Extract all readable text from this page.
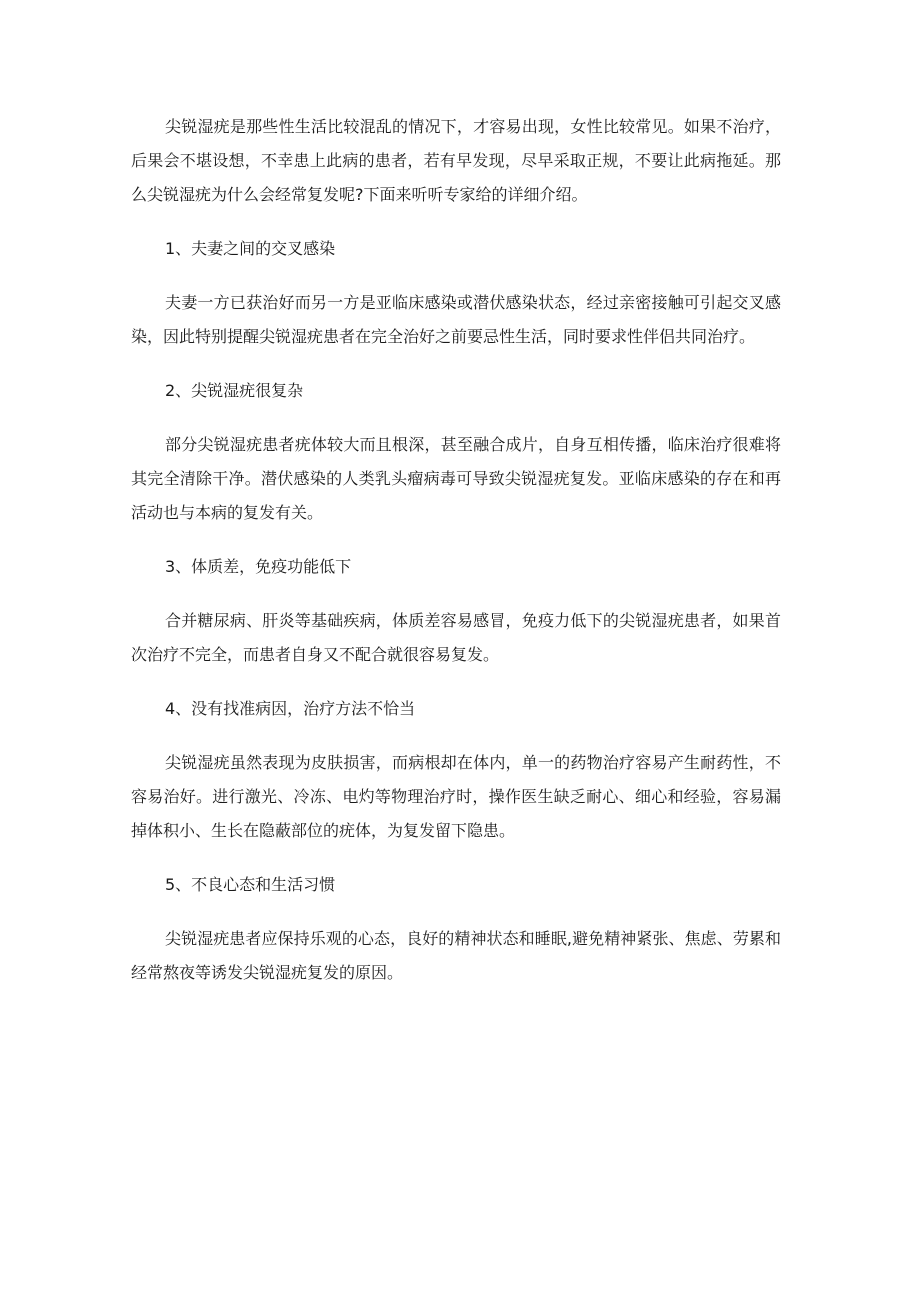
尖锐湿疣是那些性生活比较混乱的情况下，才容易出现，女性比较常见。如果不治疗，后果会不堪设想，不幸患上此病的患者，若有早发现，尽早采取正规，不要让此病拖延。那么尖锐湿疣为什么会经常复发呢?下面来听听专家给的详细介绍。

1、夫妻之间的交叉感染

夫妻一方已获治好而另一方是亚临床感染或潜伏感染状态，经过亲密接触可引起交叉感染，因此特别提醒尖锐湿疣患者在完全治好之前要忌性生活，同时要求性伴侣共同治疗。

2、尖锐湿疣很复杂

部分尖锐湿疣患者疣体较大而且根深，甚至融合成片，自身互相传播，临床治疗很难将其完全清除干净。潜伏感染的人类乳头瘤病毒可导致尖锐湿疣复发。亚临床感染的存在和再活动也与本病的复发有关。

3、体质差，免疫功能低下

合并糖尿病、肝炎等基础疾病，体质差容易感冒，免疫力低下的尖锐湿疣患者，如果首次治疗不完全，而患者自身又不配合就很容易复发。

4、没有找准病因，治疗方法不恰当

尖锐湿疣虽然表现为皮肤损害，而病根却在体内，单一的药物治疗容易产生耐药性，不容易治好。进行激光、冷冻、电灼等物理治疗时，操作医生缺乏耐心、细心和经验，容易漏掉体积小、生长在隐蔽部位的疣体，为复发留下隐患。

5、不良心态和生活习惯

尖锐湿疣患者应保持乐观的心态，良好的精神状态和睡眠,避免精神紧张、焦虑、劳累和经常熬夜等诱发尖锐湿疣复发的原因。
